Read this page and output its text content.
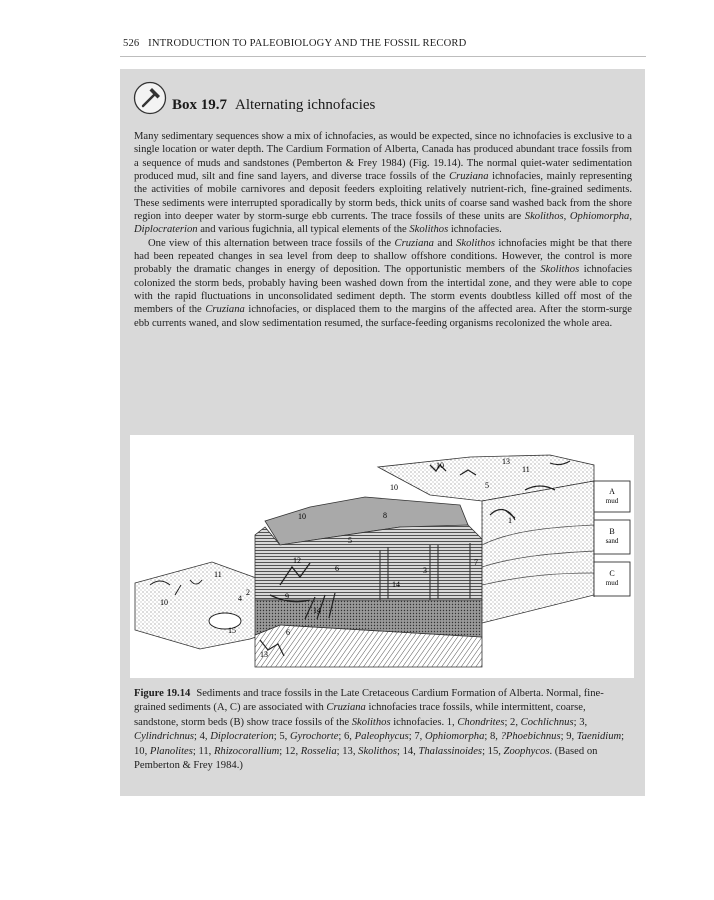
526 INTRODUCTION TO PALEOBIOLOGY AND THE FOSSIL RECORD
Box 19.7 Alternating ichnofacies

Many sedimentary sequences show a mix of ichnofacies, as would be expected, since no ichnofacies is exclusive to a single location or water depth. The Cardium Formation of Alberta, Canada has produced abundant trace fossils from a sequence of muds and sandstones (Pemberton & Frey 1984) (Fig. 19.14). The normal quiet-water sedimentation produced mud, silt and fine sand layers, and diverse trace fossils of the Cruziana ichnofacies, mainly representing the activities of mobile carnivores and deposit feeders exploiting relatively nutrient-rich, fine-grained sediments. These sediments were interrupted sporadically by storm beds, thick units of coarse sand washed back from the shore region into deeper water by storm-surge ebb currents. The trace fossils of these units are Skolithos, Ophiomorpha, Diplocraterion and various fugichnia, all typical elements of the Skolithos ichnofacies.

One view of this alternation between trace fossils of the Cruziana and Skolithos ichnofacies might be that there had been repeated changes in sea level from deep to shallow offshore conditions. However, the control is more probably the dramatic changes in energy of deposition. The opportunistic members of the Skolithos ichnofacies colonized the storm beds, probably having been washed down from the intertidal zone, and they were able to cope with the rapid fluctuations in unconsolidated sediment depth. The storm events doubtless killed off most of the members of the Cruziana ichnofacies, or displaced them to the margins of the affected area. After the storm-surge ebb currents waned, and slow sedimentation resumed, the surface-feeding organisms recolonized the whole area.

A
mud
B
sand
C
mud
10	13
11
10	5
1
10	8
5
12
6	3
14
7
11
2	9
14
4
10
15	6
13
Figure 19.14 Sediments and trace fossils in the Late Cretaceous Cardium Formation of Alberta. Normal, fine-grained sediments (A, C) are associated with Cruziana ichnofacies trace fossils, while intermittent, coarse, sandstone, storm beds (B) show trace fossils of the Skolithos ichnofacies. 1, Chondrites; 2, Cochlichnus; 3, Cylindrichnus; 4, Diplocraterion; 5, Gyrochorte; 6, Paleophycus; 7, Ophiomorpha; 8, ?Phoebichnus; 9, Taenidium; 10, Planolites; 11, Rhizocorallium; 12, Rosselia; 13, Skolithos; 14, Thalassinoides; 15, Zoophycos. (Based on Pemberton & Frey 1984.)
